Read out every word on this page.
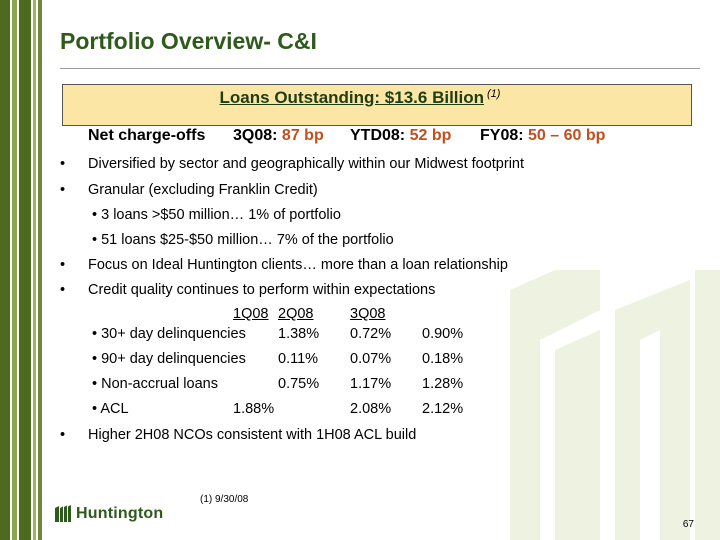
Portfolio Overview- C&I
Loans Outstanding: $13.6 Billion $^{(1)}$
Net charge-offs 3Q08: 87 bp YTD08: 52 bp FY08: 50 – 60 bp
• Diversified by sector and geographically within our Midwest footprint
• Granular (excluding Franklin Credit)
• 3 loans >$50 million… 1% of portfolio
• 51 loans $25-$50 million… 7% of the portfolio
• Focus on Ideal Huntington clients… more than a loan relationship
• Credit quality continues to perform within expectations
1Q08 2Q08	3Q08
• 30+ day delinquencies 1.38% 0.72% 0.90%
• 90+ day delinquencies 0.11% 0.07% 0.18%
• Non-accrual loans	0.75% 1.17% 1.28%
• ACL	1.88%	2.08% 2.12%
• Higher 2H08 NCOs consistent with 1H08 ACL build
Huntington
(1) 9/30/08
67
